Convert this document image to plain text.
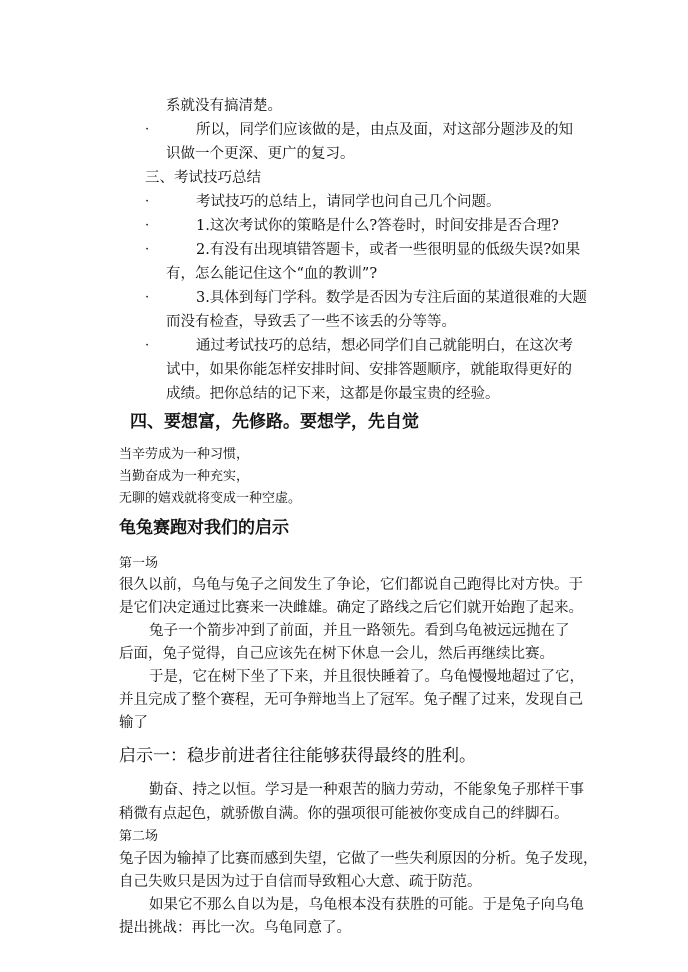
系就没有搞清楚。
·	所以，同学们应该做的是，由点及面，对这部分题涉及的知
识做一个更深、更广的复习。
三、考试技巧总结
·	考试技巧的总结上，请同学也问自己几个问题。
·	1.这次考试你的策略是什么?答卷时，时间安排是否合理?
·	2.有没有出现填错答题卡，或者一些很明显的低级失误?如果
有，怎么能记住这个“血的教训”?
·	3.具体到每门学科。数学是否因为专注后面的某道很难的大题
而没有检查，导致丢了一些不该丢的分等等。
·	通过考试技巧的总结，想必同学们自己就能明白，在这次考
试中，如果你能怎样安排时间、安排答题顺序，就能取得更好的
成绩。把你总结的记下来，这都是你最宝贵的经验。
四、要想富，先修路。要想学，先自觉
当辛劳成为一种习惯，
当勤奋成为一种充实，
无聊的嬉戏就将变成一种空虚。
龟兔赛跑对我们的启示
第一场
很久以前，乌龟与兔子之间发生了争论，它们都说自己跑得比对方快。于
是它们决定通过比赛来一决雌雄。确定了路线之后它们就开始跑了起来。
兔子一个箭步冲到了前面，并且一路领先。看到乌龟被远远抛在了
后面，兔子觉得，自己应该先在树下休息一会儿，然后再继续比赛。
于是，它在树下坐了下来，并且很快睡着了。乌龟慢慢地超过了它，
并且完成了整个赛程，无可争辩地当上了冠军。兔子醒了过来，发现自己
输了
启示一：稳步前进者往往能够获得最终的胜利。
勤奋、持之以恒。学习是一种艰苦的脑力劳动，不能象兔子那样干事
稍微有点起色，就骄傲自满。你的强项很可能被你变成自己的绊脚石。
第二场
兔子因为输掉了比赛而感到失望，它做了一些失利原因的分析。兔子发现，
自己失败只是因为过于自信而导致粗心大意、疏于防范。
如果它不那么自以为是，乌龟根本没有获胜的可能。于是兔子向乌龟
提出挑战：再比一次。乌龟同意了。
